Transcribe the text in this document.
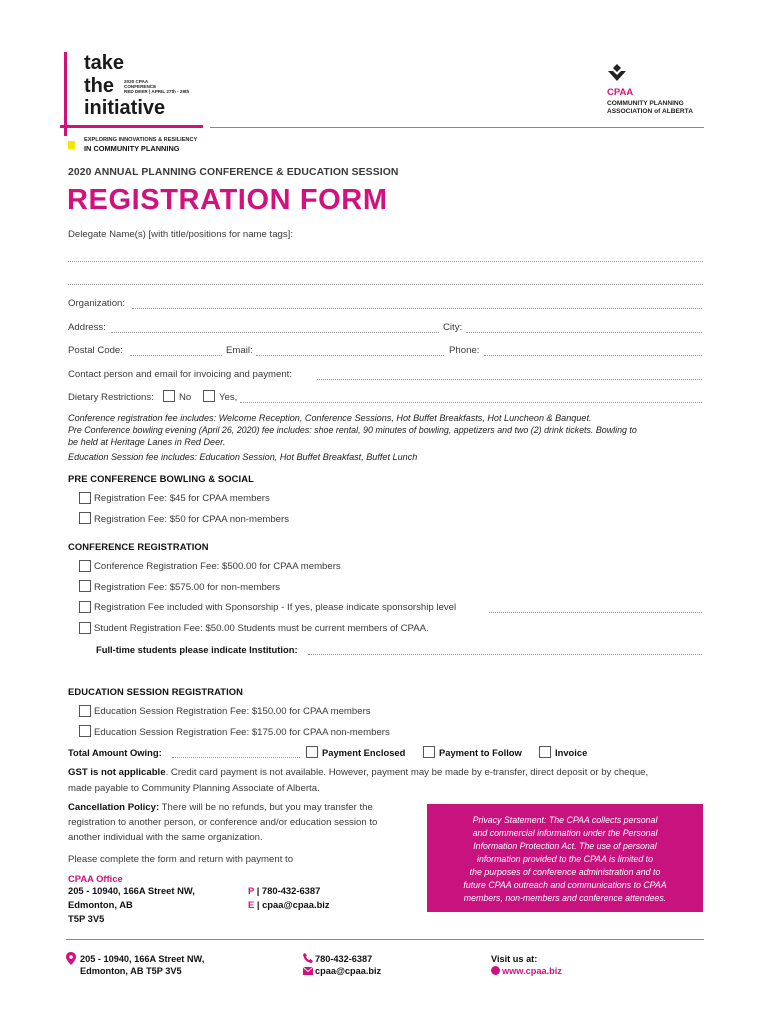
take
the
initiative
2020 CPAA
CONFERENCE
RED DEER | APRIL 27th - 29th
EXPLORING INNOVATIONS & RESILIENCY
IN COMMUNITY PLANNING
CPAA
COMMUNITY PLANNING
ASSOCIATION of ALBERTA
2020 ANNUAL PLANNING CONFERENCE & EDUCATION SESSION
REGISTRATION FORM
Delegate Name(s) [with title/positions for name tags]:
Organization:
Address:	City:
Postal Code:	Email:	Phone:
Contact person and email for invoicing and payment:
Dietary Restrictions:	No	Yes,
Conference registration fee includes: Welcome Reception, Conference Sessions, Hot Buffet Breakfasts, Hot Luncheon & Banquet.
Pre Conference bowling evening (April 26, 2020) fee includes: shoe rental, 90 minutes of bowling, appetizers and two (2) drink tickets. Bowling to
be held at Heritage Lanes in Red Deer.
Education Session fee includes: Education Session, Hot Buffet Breakfast, Buffet Lunch
PRE CONFERENCE BOWLING & SOCIAL
Registration Fee: $45 for CPAA members
Registration Fee: $50 for CPAA non-members
CONFERENCE REGISTRATION
Conference Registration Fee: $500.00 for CPAA members
Registration Fee: $575.00 for non-members
Registration Fee included with Sponsorship - If yes, please indicate sponsorship level
Student Registration Fee: $50.00 Students must be current members of CPAA.
Full-time students please indicate Institution:
EDUCATION SESSION REGISTRATION
Education Session Registration Fee: $150.00 for CPAA members
Education Session Registration Fee: $175.00 for CPAA non-members
Total Amount Owing:	Payment Enclosed	Payment to Follow	Invoice
GST is not applicable. Credit card payment is not available. However, payment may be made by e-transfer, direct deposit or by cheque,
made payable to Community Planning Associate of Alberta.
Cancellation Policy: There will be no refunds, but you may transfer the
registration to another person, or conference and/or education session to
another individual with the same organization.
Please complete the form and return with payment to
CPAA Office
205 - 10940, 166A Street NW,
Edmonton, AB
T5P 3V5
P | 780-432-6387
E | cpaa@cpaa.biz
Privacy Statement: The CPAA collects personal
and commercial information under the Personal
Information Protection Act. The use of personal
information provided to the CPAA is limited to
the purposes of conference administration and to
future CPAA outreach and communications to CPAA
members, non-members and conference attendees.
205 - 10940, 166A Street NW,
Edmonton, AB T5P 3V5
780-432-6387
cpaa@cpaa.biz
Visit us at:
www.cpaa.biz
